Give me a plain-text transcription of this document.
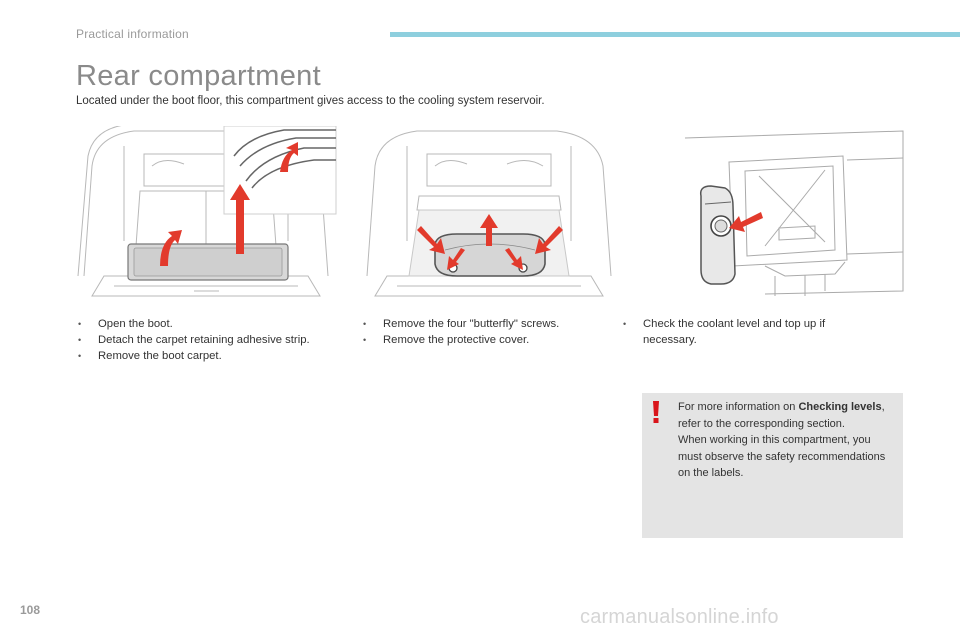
Practical information
Rear compartment
Located under the boot floor, this compartment gives access to the cooling system reservoir.
• Open the boot.
• Detach the carpet retaining adhesive strip.
• Remove the boot carpet.
• Remove the four "butterfly" screws.
• Remove the protective cover.
• Check the coolant level and top up if
necessary.
For more information on Checking levels, refer to the corresponding section.
When working in this compartment, you must observe the safety recommendations on the labels.
108	carmanualsonline.info
